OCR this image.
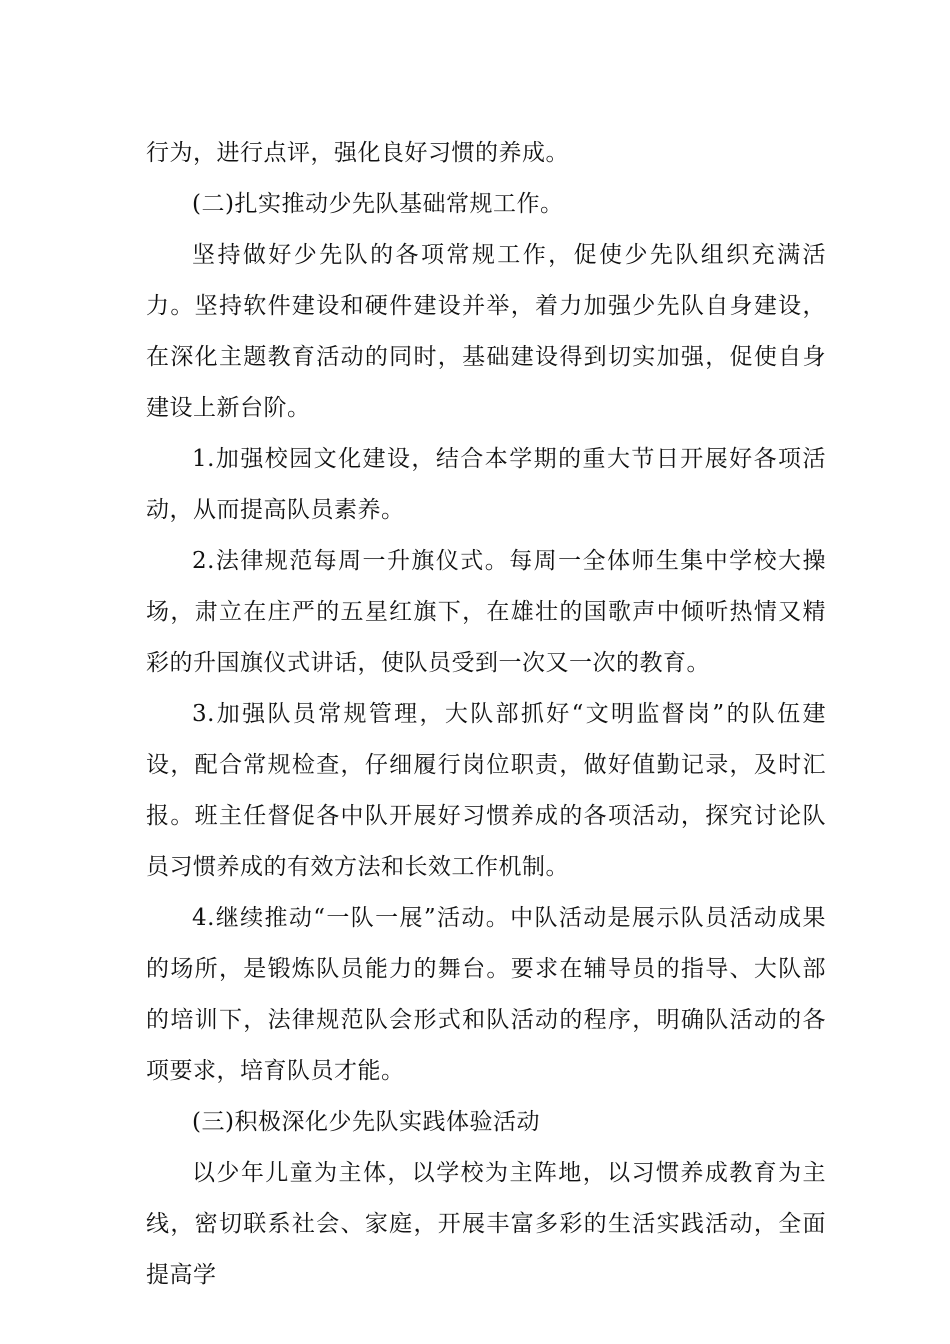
行为，进行点评，强化良好习惯的养成。

(二)扎实推动少先队基础常规工作。

坚持做好少先队的各项常规工作，促使少先队组织充满活力。坚持软件建设和硬件建设并举，着力加强少先队自身建设，在深化主题教育活动的同时，基础建设得到切实加强，促使自身建设上新台阶。

1.加强校园文化建设，结合本学期的重大节日开展好各项活动，从而提高队员素养。

2.法律规范每周一升旗仪式。每周一全体师生集中学校大操场，肃立在庄严的五星红旗下，在雄壮的国歌声中倾听热情又精彩的升国旗仪式讲话，使队员受到一次又一次的教育。

3.加强队员常规管理，大队部抓好“文明监督岗”的队伍建设，配合常规检查，仔细履行岗位职责，做好值勤记录，及时汇报。班主任督促各中队开展好习惯养成的各项活动，探究讨论队员习惯养成的有效方法和长效工作机制。

4.继续推动“一队一展”活动。中队活动是展示队员活动成果的场所，是锻炼队员能力的舞台。要求在辅导员的指导、大队部的培训下，法律规范队会形式和队活动的程序，明确队活动的各项要求，培育队员才能。

(三)积极深化少先队实践体验活动

以少年儿童为主体，以学校为主阵地，以习惯养成教育为主线，密切联系社会、家庭，开展丰富多彩的生活实践活动，全面提高学
